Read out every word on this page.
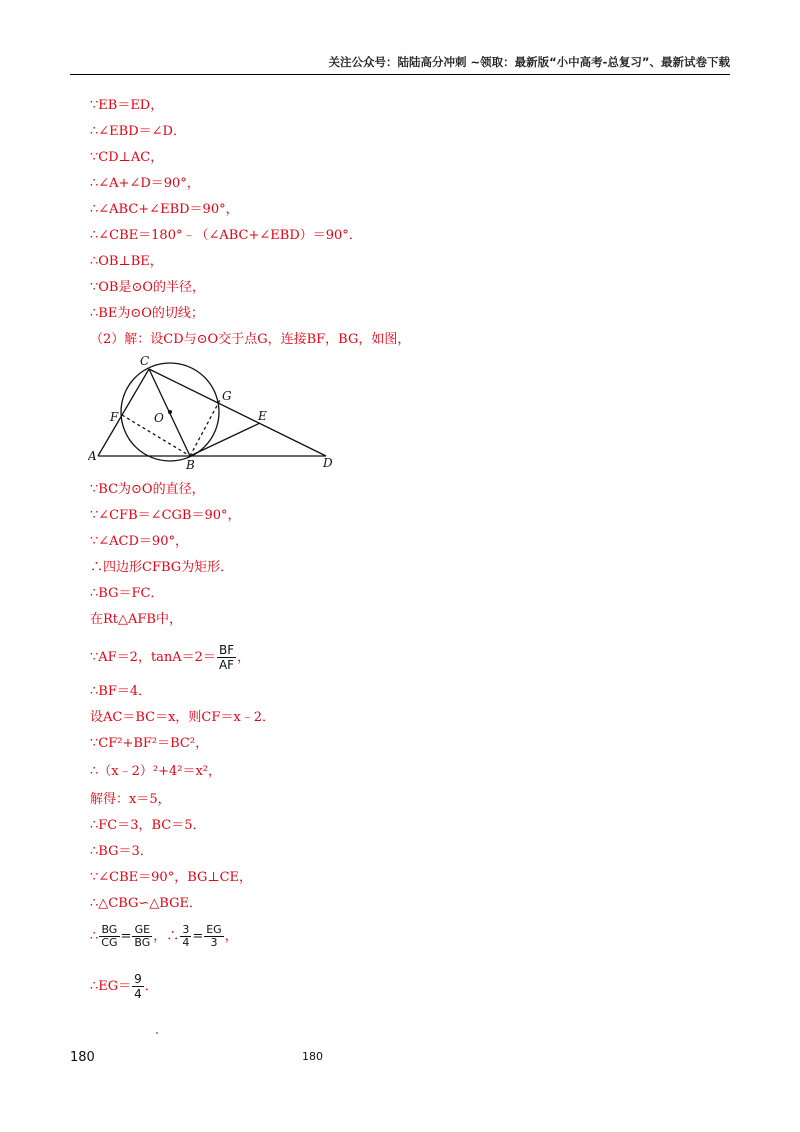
关注公众号：陆陆高分冲刺 ~领取：最新版“小中高考-总复习”、最新试卷下载
∵EB＝ED，
∴∠EBD＝∠D．
∵CD⊥AC，
∴∠A+∠D＝90°，
∴∠ABC+∠EBD＝90°，
∴∠CBE＝180°﹣（∠ABC+∠EBD）＝90°．
∴OB⊥BE，
∵OB是⊙O的半径，
∴BE为⊙O的切线；
（2）解：设CD与⊙O交于点G，连接BF，BG，如图，
C
G
F	O	E
A
B	D
∵BC为⊙O的直径，
∵∠CFB＝∠CGB＝90°，
∵∠ACD＝90°，
∴四边形CFBG为矩形．
∴BG＝FC．
在Rt△AFB中，
∵AF＝2，$\tan A=2= \frac{BF}{AF}$ ，
∴BF＝4．
设AC＝BC＝x，则CF＝x﹣2．
∵CF²+BF²＝BC²，
∴（x﹣2）²+4²＝x²，
解得：x＝5，
∴FC＝3，BC＝5．
∴BG＝3．
∵∠CBE＝90°，BG⊥CE，
∴△CBG∽△BGE．
∴ $\frac{BG}{CG} = \frac{GE}{BG}$ ，∴ $\frac{3}{4} = \frac{EG}{3}$ ，
∴EG＝ $\frac{9}{4}$ ．
180	180
